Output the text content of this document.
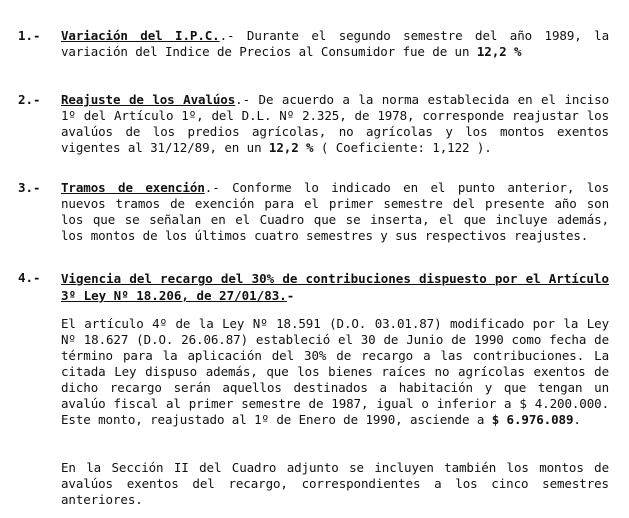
1.- Variación del I.P.C..- Durante el segundo semestre del año 1989, la variación del Indice de Precios al Consumidor fue de un 12,2 %
2.- Reajuste de los Avalúos.- De acuerdo a la norma establecida en el inciso 1º del Artículo 1º, del D.L. Nº 2.325, de 1978, corresponde reajustar los avalúos de los predios agrícolas, no agrícolas y los montos exentos vigentes al 31/12/89, en un 12,2 % ( Coeficiente: 1,122 ).
3.- Tramos de exención.- Conforme lo indicado en el punto anterior, los nuevos tramos de exención para el primer semestre del presente año son los que se señalan en el Cuadro que se inserta, el que incluye además, los montos de los últimos cuatro semestres y sus respectivos reajustes.
4.- Vigencia del recargo del 30% de contribuciones dispuesto por el Artículo 3º Ley Nº 18.206, de 27/01/83.-
El artículo 4º de la Ley Nº 18.591 (D.O. 03.01.87) modificado por la Ley Nº 18.627 (D.O. 26.06.87) estableció el 30 de Junio de 1990 como fecha de término para la aplicación del 30% de recargo a las contribuciones. La citada Ley dispuso además, que los bienes raíces no agrícolas exentos de dicho recargo serán aquellos destinados a habitación y que tengan un avalúo fiscal al primer semestre de 1987, igual o inferior a $ 4.200.000. Este monto, reajustado al 1º de Enero de 1990, asciende a $ 6.976.089.
En la Sección II del Cuadro adjunto se incluyen también los montos de avalúos exentos del recargo, correspondientes a los cinco semestres anteriores.
